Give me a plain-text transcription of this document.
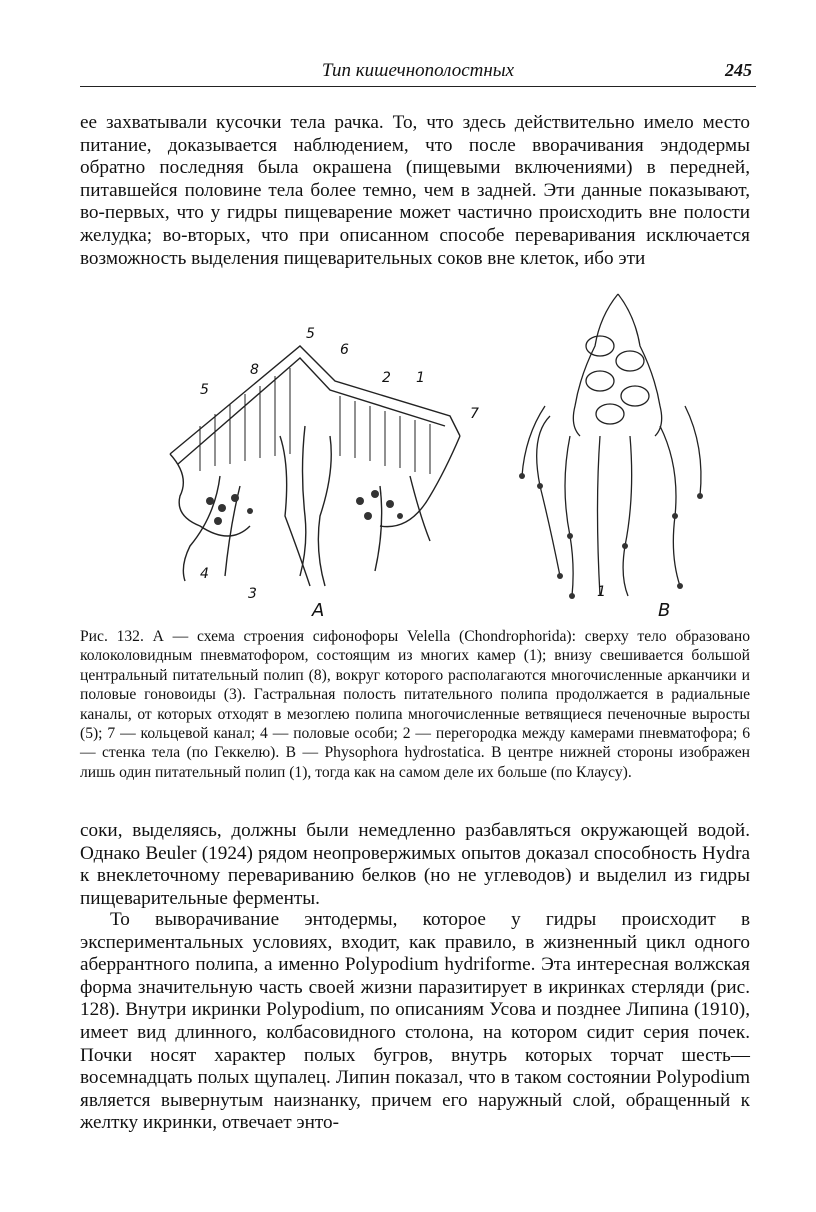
Тип кишечнополостных	245
ее захватывали кусочки тела рачка. То, что здесь действительно имело место питание, доказывается наблюдением, что после вворачивания эндодермы обратно последняя была окрашена (пищевыми включениями) в передней, питавшейся половине тела более темно, чем в задней. Эти данные показывают, во-первых, что у гидры пищеварение может частично происходить вне полости желудка; во-вторых, что при описанном способе переваривания исключается возможность выделения пищеварительных соков вне клеток, ибо эти
5
6
8
5
2 1
7
4
3	1
А	В
Рис. 132. А — схема строения сифонофоры Velella (Chondrophorida): сверху тело образовано колоколовидным пневматофором, состоящим из многих камер (1); внизу свешивается большой центральный питательный полип (8), вокруг которого располагаются многочисленные арканчики и половые гоновоиды (3). Гастральная полость питательного полипа продолжается в радиальные каналы, от которых отходят в мезоглею полипа многочисленные ветвящиеся печеночные выросты (5); 7 — кольцевой канал; 4 — половые особи; 2 — перегородка между камерами пневматофора; 6 — стенка тела (по Геккелю). В — Physophora hydrostatica. В центре нижней стороны изображен лишь один питательный полип (1), тогда как на самом деле их больше (по Клаусу).
соки, выделяясь, должны были немедленно разбавляться окружающей водой. Однако Beuler (1924) рядом неопровержимых опытов доказал способность Hydra к внеклеточному перевариванию белков (но не углеводов) и выделил из гидры пищеварительные ферменты.
То выворачивание энтодермы, которое у гидры происходит в экспериментальных условиях, входит, как правило, в жизненный цикл одного аберрантного полипа, а именно Polypodium hydriforme. Эта интересная волжская форма значительную часть своей жизни паразитирует в икринках стерляди (рис. 128). Внутри икринки Polypodium, по описаниям Усова и позднее Липина (1910), имеет вид длинного, колбасовидного столона, на котором сидит серия почек. Почки носят характер полых бугров, внутрь которых торчат шесть—восемнадцать полых щупалец. Липин показал, что в таком состоянии Polypodium является вывернутым наизнанку, причем его наружный слой, обращенный к желтку икринки, отвечает энто-
